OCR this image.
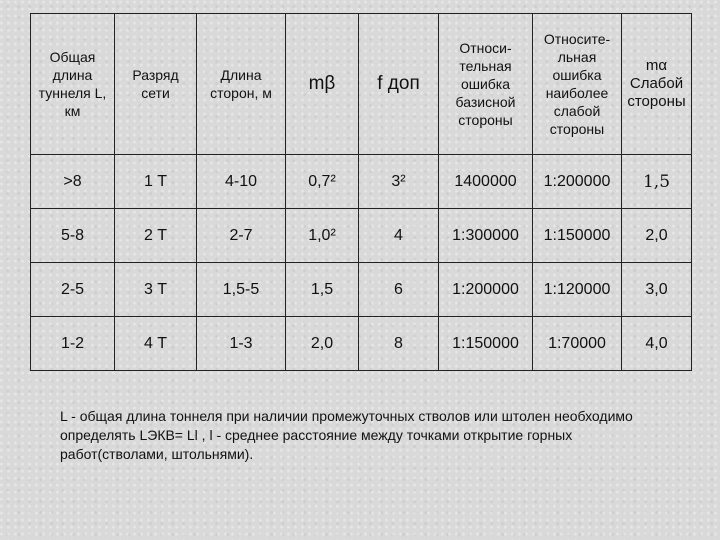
Общая длина туннеля L, км	Разряд сети	Длина сторон, м	mβ	f доп	Относи-тельная ошибка базисной стороны	Относите-льная ошибка наиболее слабой стороны	mα Слабой стороны
>8	1 Т	4-10	0,7²	3²	1400000	1:200000	1,5
5-8	2 Т	2-7	1,0²	4	1:300000	1:150000	2,0
2-5	3 Т	1,5-5	1,5	6	1:200000	1:120000	3,0
1-2	4 Т	1-3	2,0	8	1:150000	1:70000	4,0

L - общая длина тоннеля при наличии промежуточных стволов или штолен необходимо определять LЭКВ= Ll , l - среднее расстояние между точками открытие горных работ(стволами, штольнями).
